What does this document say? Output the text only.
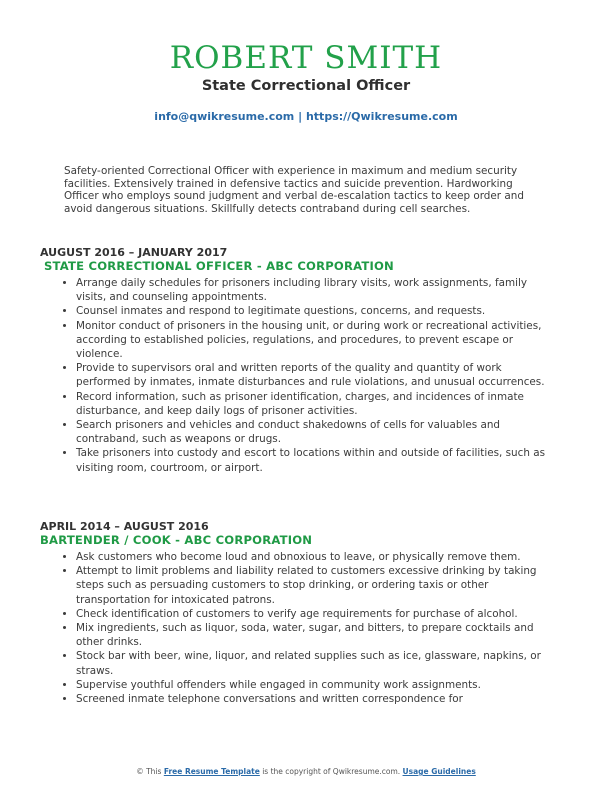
ROBERT SMITH
State Correctional Officer
info@qwikresume.com | https://Qwikresume.com
Safety-oriented Correctional Officer with experience in maximum and medium security facilities. Extensively trained in defensive tactics and suicide prevention. Hardworking Officer who employs sound judgment and verbal de-escalation tactics to keep order and avoid dangerous situations. Skillfully detects contraband during cell searches.
AUGUST 2016 – JANUARY 2017
STATE CORRECTIONAL OFFICER - ABC CORPORATION
• Arrange daily schedules for prisoners including library visits, work assignments, family visits, and counseling appointments.
• Counsel inmates and respond to legitimate questions, concerns, and requests.
• Monitor conduct of prisoners in the housing unit, or during work or recreational activities, according to established policies, regulations, and procedures, to prevent escape or violence.
• Provide to supervisors oral and written reports of the quality and quantity of work performed by inmates, inmate disturbances and rule violations, and unusual occurrences.
• Record information, such as prisoner identification, charges, and incidences of inmate disturbance, and keep daily logs of prisoner activities.
• Search prisoners and vehicles and conduct shakedowns of cells for valuables and contraband, such as weapons or drugs.
• Take prisoners into custody and escort to locations within and outside of facilities, such as visiting room, courtroom, or airport.
APRIL 2014 – AUGUST 2016
BARTENDER / COOK - ABC CORPORATION
• Ask customers who become loud and obnoxious to leave, or physically remove them.
• Attempt to limit problems and liability related to customers excessive drinking by taking steps such as persuading customers to stop drinking, or ordering taxis or other transportation for intoxicated patrons.
• Check identification of customers to verify age requirements for purchase of alcohol.
• Mix ingredients, such as liquor, soda, water, sugar, and bitters, to prepare cocktails and other drinks.
• Stock bar with beer, wine, liquor, and related supplies such as ice, glassware, napkins, or straws.
• Supervise youthful offenders while engaged in community work assignments.
• Screened inmate telephone conversations and written correspondence for
© This Free Resume Template is the copyright of Qwikresume.com. Usage Guidelines
